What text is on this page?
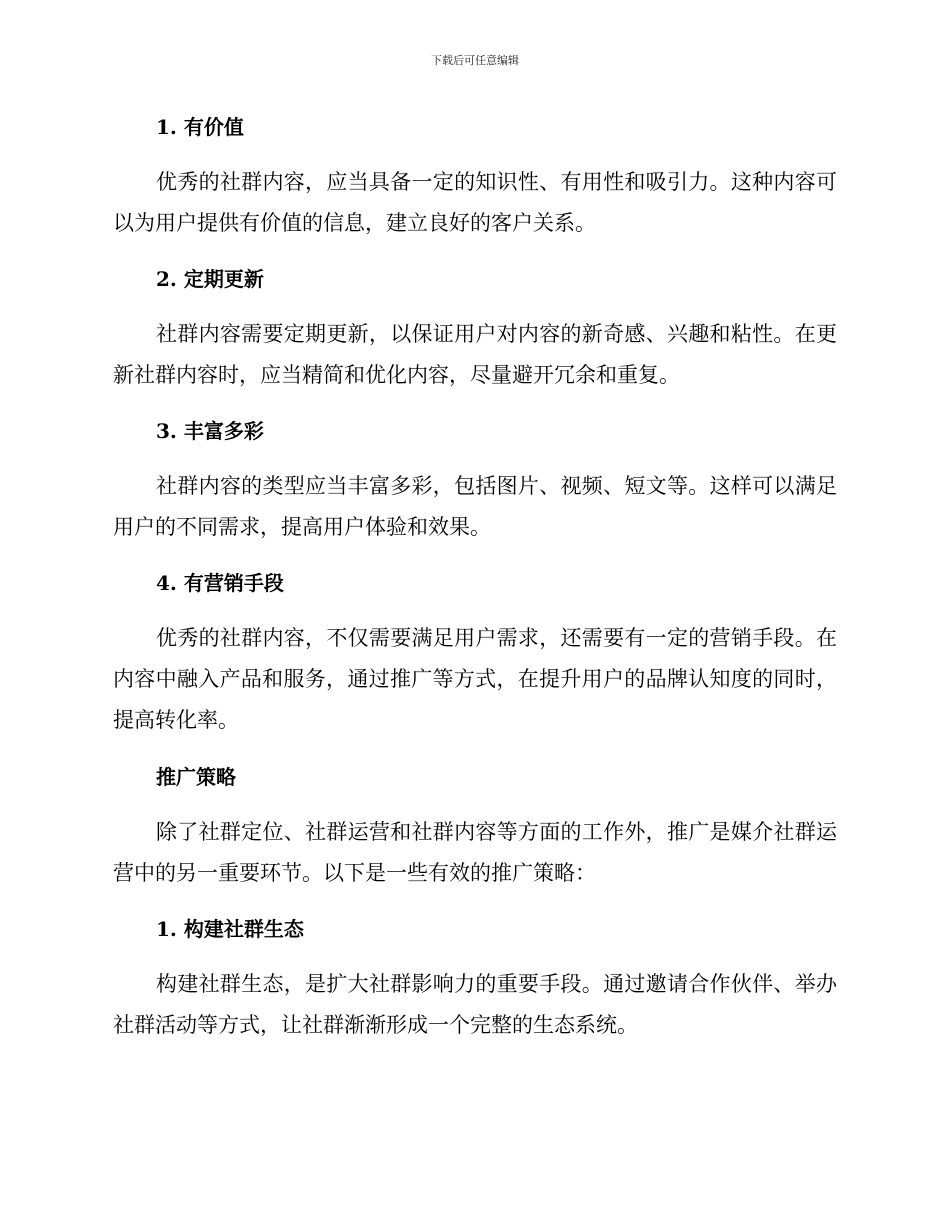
下载后可任意编辑
1. 有价值
优秀的社群内容，应当具备一定的知识性、有用性和吸引力。这种内容可以为用户提供有价值的信息，建立良好的客户关系。
2. 定期更新
社群内容需要定期更新，以保证用户对内容的新奇感、兴趣和粘性。在更新社群内容时，应当精简和优化内容，尽量避开冗余和重复。
3. 丰富多彩
社群内容的类型应当丰富多彩，包括图片、视频、短文等。这样可以满足用户的不同需求，提高用户体验和效果。
4. 有营销手段
优秀的社群内容，不仅需要满足用户需求，还需要有一定的营销手段。在内容中融入产品和服务，通过推广等方式，在提升用户的品牌认知度的同时，提高转化率。
推广策略
除了社群定位、社群运营和社群内容等方面的工作外，推广是媒介社群运营中的另一重要环节。以下是一些有效的推广策略：
1. 构建社群生态
构建社群生态，是扩大社群影响力的重要手段。通过邀请合作伙伴、举办社群活动等方式，让社群渐渐形成一个完整的生态系统。
